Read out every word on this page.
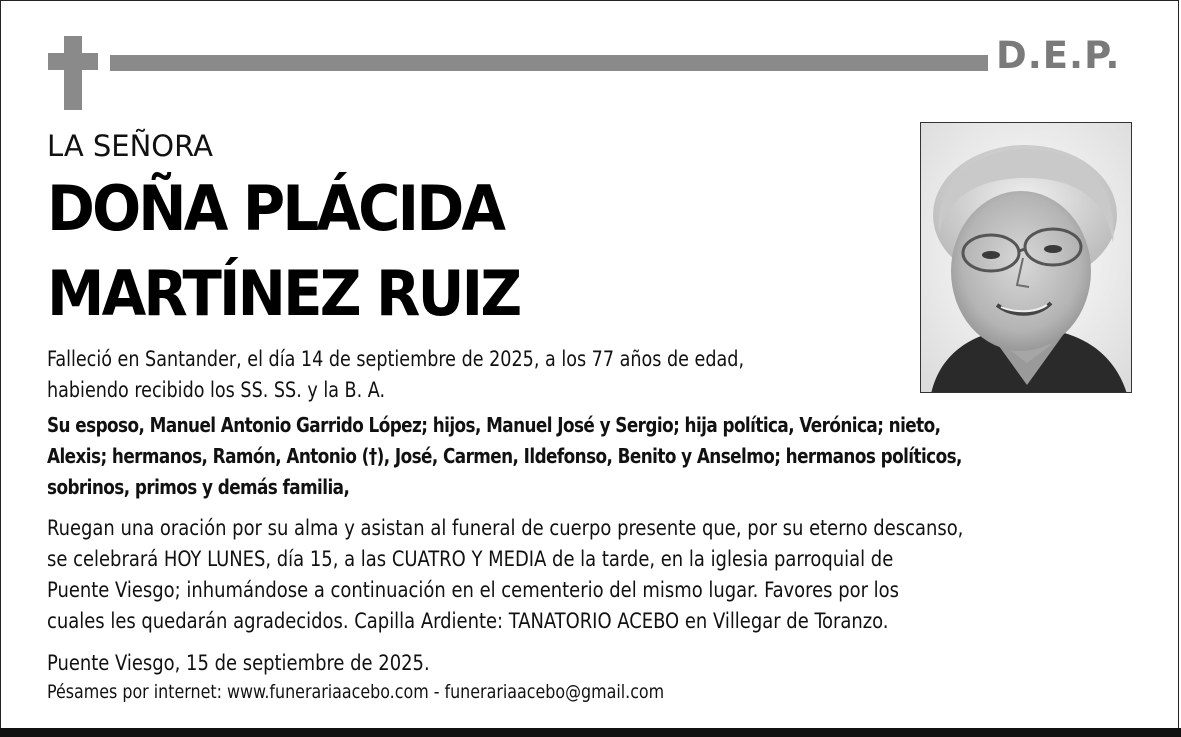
D.E.P.
LA SEÑORA
DOÑA PLÁCIDA
MARTÍNEZ RUIZ
Falleció en Santander, el día 14 de septiembre de 2025, a los 77 años de edad,
habiendo recibido los SS. SS. y la B. A.
Su esposo, Manuel Antonio Garrido López; hijos, Manuel José y Sergio; hija política, Verónica; nieto,
Alexis; hermanos, Ramón, Antonio (†), José, Carmen, Ildefonso, Benito y Anselmo; hermanos políticos,
sobrinos, primos y demás familia,
Ruegan una oración por su alma y asistan al funeral de cuerpo presente que, por su eterno descanso,
se celebrará HOY LUNES, día 15, a las CUATRO Y MEDIA de la tarde, en la iglesia parroquial de
Puente Viesgo; inhumándose a continuación en el cementerio del mismo lugar. Favores por los
cuales les quedarán agradecidos. Capilla Ardiente: TANATORIO ACEBO en Villegar de Toranzo.
Puente Viesgo, 15 de septiembre de 2025.
Pésames por internet: www.funerariaacebo.com - funerariaacebo@gmail.com
